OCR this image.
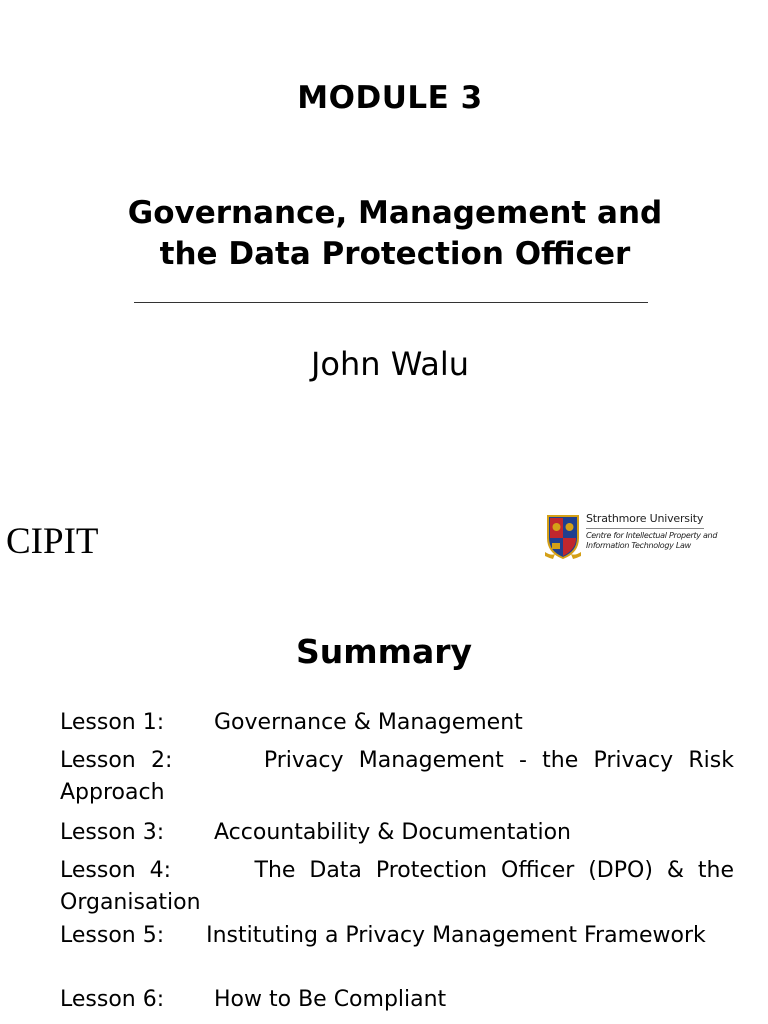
MODULE 3
Governance, Management and
the Data Protection Officer
John Walu
CIPIT
Strathmore University
Centre for Intellectual Property and
Information Technology Law
Summary
Lesson 1: Governance & Management
Lesson 2:	Privacy Management - the Privacy Risk Approach
Lesson 3: Accountability & Documentation
Lesson 4:	The Data Protection Officer (DPO) & the Organisation
Lesson 5: Instituting a Privacy Management Framework
Lesson 6: How to Be Compliant
